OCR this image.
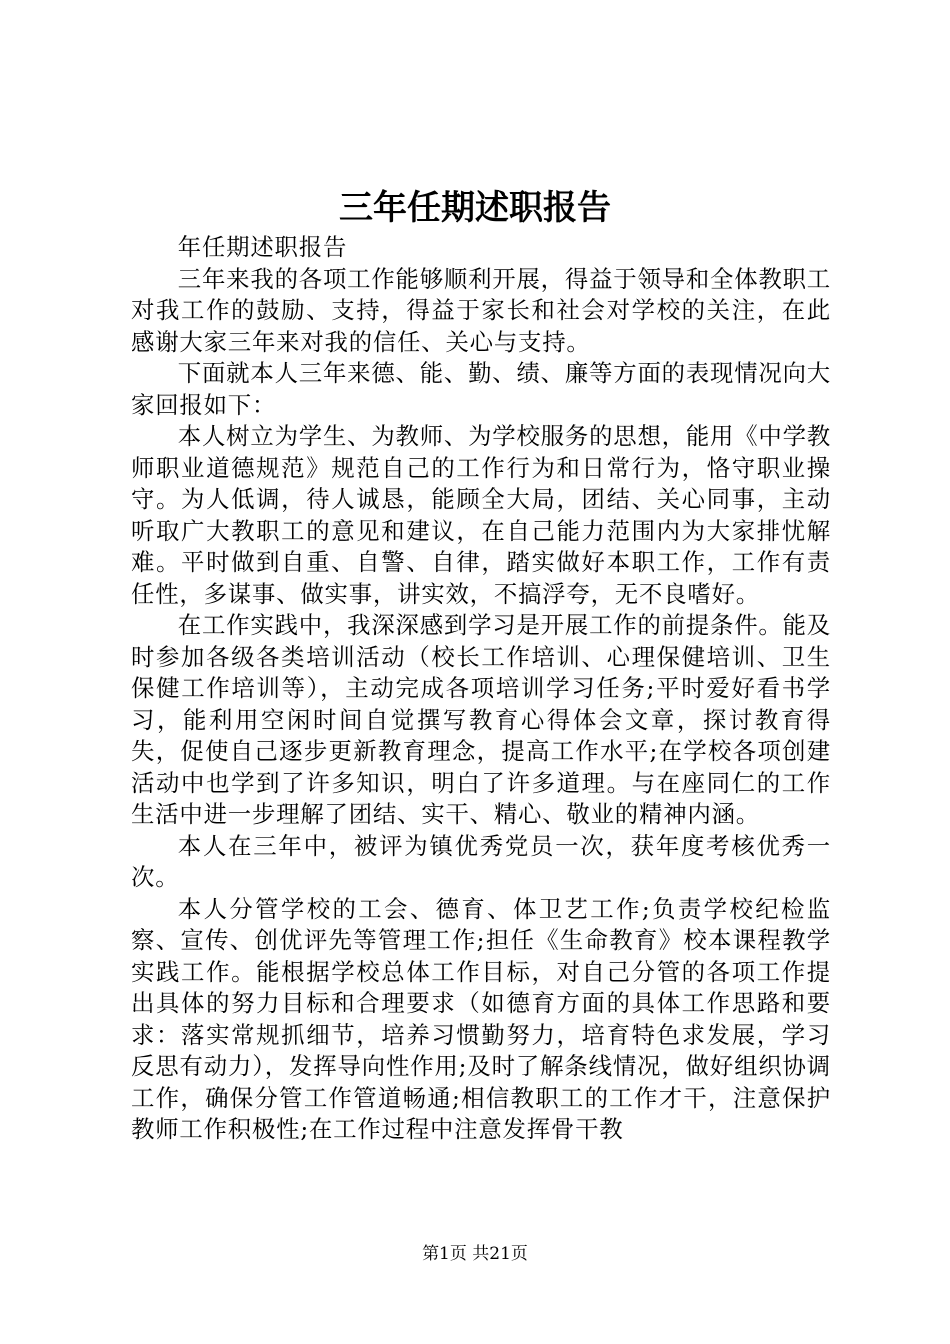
三年任期述职报告

年任期述职报告

三年来我的各项工作能够顺利开展，得益于领导和全体教职工对我工作的鼓励、支持，得益于家长和社会对学校的关注，在此感谢大家三年来对我的信任、关心与支持。

下面就本人三年来德、能、勤、绩、廉等方面的表现情况向大家回报如下：

本人树立为学生、为教师、为学校服务的思想，能用《中学教师职业道德规范》规范自己的工作行为和日常行为，恪守职业操守。为人低调，待人诚恳，能顾全大局，团结、关心同事，主动听取广大教职工的意见和建议，在自己能力范围内为大家排忧解难。平时做到自重、自警、自律，踏实做好本职工作，工作有责任性，多谋事、做实事，讲实效，不搞浮夸，无不良嗜好。

在工作实践中，我深深感到学习是开展工作的前提条件。能及时参加各级各类培训活动（校长工作培训、心理保健培训、卫生保健工作培训等），主动完成各项培训学习任务;平时爱好看书学习，能利用空闲时间自觉撰写教育心得体会文章，探讨教育得失，促使自己逐步更新教育理念，提高工作水平;在学校各项创建活动中也学到了许多知识，明白了许多道理。与在座同仁的工作生活中进一步理解了团结、实干、精心、敬业的精神内涵。

本人在三年中，被评为镇优秀党员一次，获年度考核优秀一次。

本人分管学校的工会、德育、体卫艺工作;负责学校纪检监察、宣传、创优评先等管理工作;担任《生命教育》校本课程教学实践工作。能根据学校总体工作目标，对自己分管的各项工作提出具体的努力目标和合理要求（如德育方面的具体工作思路和要求：落实常规抓细节，培养习惯勤努力，培育特色求发展，学习反思有动力），发挥导向性作用;及时了解条线情况，做好组织协调工作，确保分管工作管道畅通;相信教职工的工作才干，注意保护教师工作积极性;在工作过程中注意发挥骨干教

第1页 共21页
